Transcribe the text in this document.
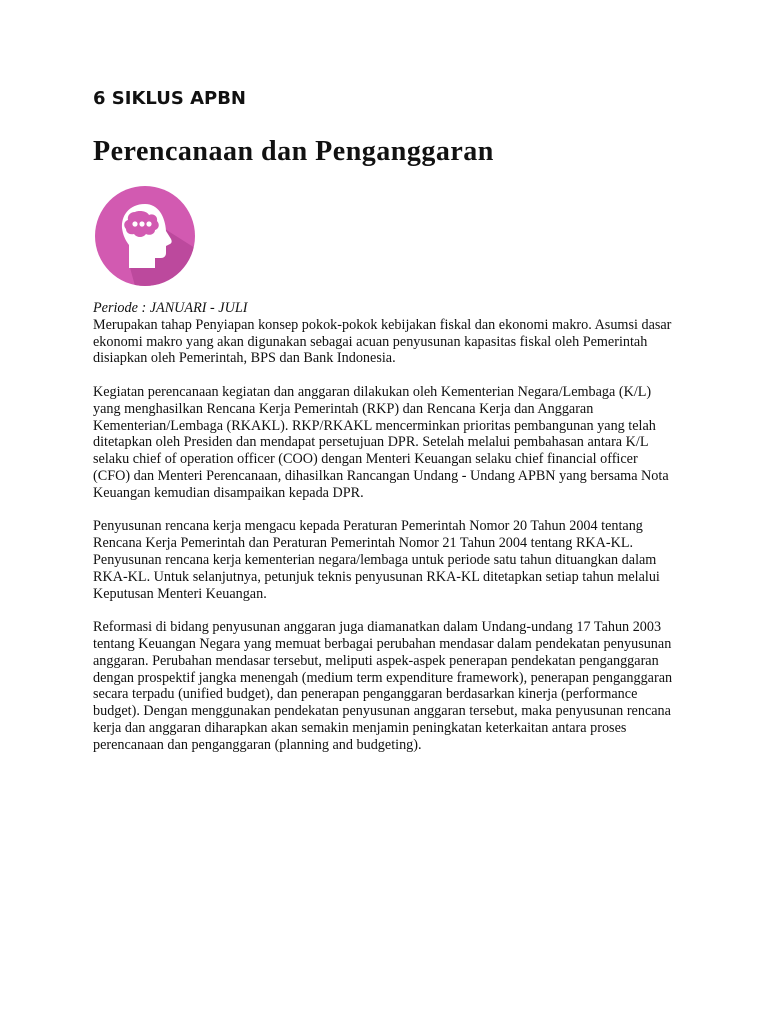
6 SIKLUS APBN
Perencanaan dan Penganggaran

Periode : JANUARI - JULI
Merupakan tahap Penyiapan konsep pokok-pokok kebijakan fiskal dan ekonomi makro. Asumsi dasar ekonomi makro yang akan digunakan sebagai acuan penyusunan kapasitas fiskal oleh Pemerintah disiapkan oleh Pemerintah, BPS dan Bank Indonesia.

Kegiatan perencanaan kegiatan dan anggaran dilakukan oleh Kementerian Negara/Lembaga (K/L) yang menghasilkan Rencana Kerja Pemerintah (RKP) dan Rencana Kerja dan Anggaran Kementerian/Lembaga (RKAKL). RKP/RKAKL mencerminkan prioritas pembangunan yang telah ditetapkan oleh Presiden dan mendapat persetujuan DPR. Setelah melalui pembahasan antara K/L selaku chief of operation officer (COO) dengan Menteri Keuangan selaku chief financial officer (CFO) dan Menteri Perencanaan, dihasilkan Rancangan Undang - Undang APBN yang bersama Nota Keuangan kemudian disampaikan kepada DPR.

Penyusunan rencana kerja mengacu kepada Peraturan Pemerintah Nomor 20 Tahun 2004 tentang Rencana Kerja Pemerintah dan Peraturan Pemerintah Nomor 21 Tahun 2004 tentang RKA-KL. Penyusunan rencana kerja kementerian negara/lembaga untuk periode satu tahun dituangkan dalam RKA-KL. Untuk selanjutnya, petunjuk teknis penyusunan RKA-KL ditetapkan setiap tahun melalui Keputusan Menteri Keuangan.

Reformasi di bidang penyusunan anggaran juga diamanatkan dalam Undang-undang 17 Tahun 2003 tentang Keuangan Negara yang memuat berbagai perubahan mendasar dalam pendekatan penyusunan anggaran. Perubahan mendasar tersebut, meliputi aspek-aspek penerapan pendekatan penganggaran dengan prospektif jangka menengah (medium term expenditure framework), penerapan penganggaran secara terpadu (unified budget), dan penerapan penganggaran berdasarkan kinerja (performance budget). Dengan menggunakan pendekatan penyusunan anggaran tersebut, maka penyusunan rencana kerja dan anggaran diharapkan akan semakin menjamin peningkatan keterkaitan antara proses perencanaan dan penganggaran (planning and budgeting).
